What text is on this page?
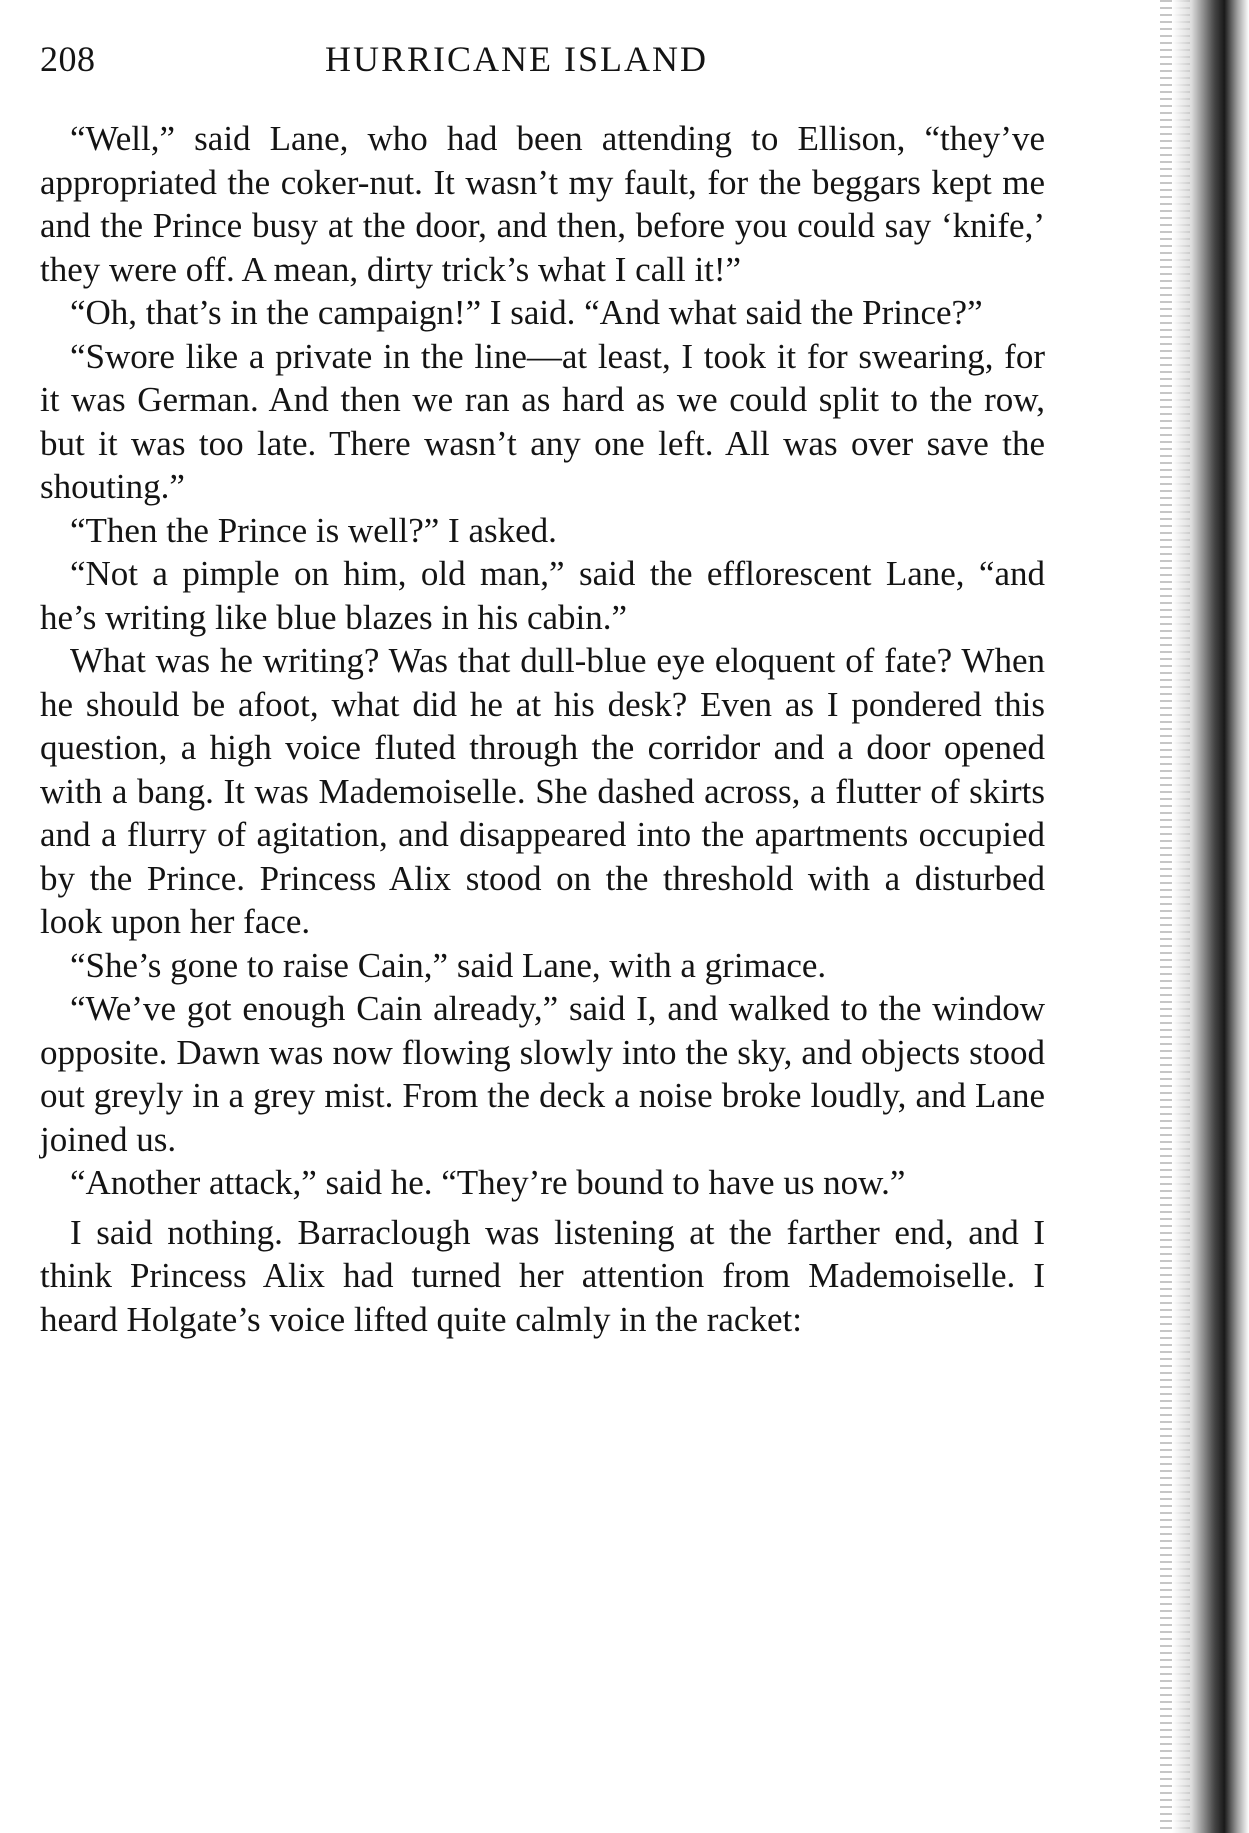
208	HURRICANE ISLAND

“Well,” said Lane, who had been attending to Ellison, “they’ve appropriated the coker-nut. It wasn’t my fault, for the beggars kept me and the Prince busy at the door, and then, before you could say ‘knife,’ they were off. A mean, dirty trick’s what I call it!”

“Oh, that’s in the campaign!” I said. “And what said the Prince?”

“Swore like a private in the line—at least, I took it for swearing, for it was German. And then we ran as hard as we could split to the row, but it was too late. There wasn’t any one left. All was over save the shouting.”

“Then the Prince is well?” I asked.

“Not a pimple on him, old man,” said the efflorescent Lane, “and he’s writing like blue blazes in his cabin.”

What was he writing? Was that dull-blue eye eloquent of fate? When he should be afoot, what did he at his desk? Even as I pondered this question, a high voice fluted through the corridor and a door opened with a bang. It was Mademoiselle. She dashed across, a flutter of skirts and a flurry of agitation, and disappeared into the apartments occupied by the Prince. Princess Alix stood on the threshold with a disturbed look upon her face.

“She’s gone to raise Cain,” said Lane, with a grimace.

“We’ve got enough Cain already,” said I, and walked to the window opposite. Dawn was now flowing slowly into the sky, and objects stood out greyly in a grey mist. From the deck a noise broke loudly, and Lane joined us.

“Another attack,” said he. “They’re bound to have us now.”

I said nothing. Barraclough was listening at the farther end, and I think Princess Alix had turned her attention from Mademoiselle. I heard Holgate’s voice lifted quite calmly in the racket:
